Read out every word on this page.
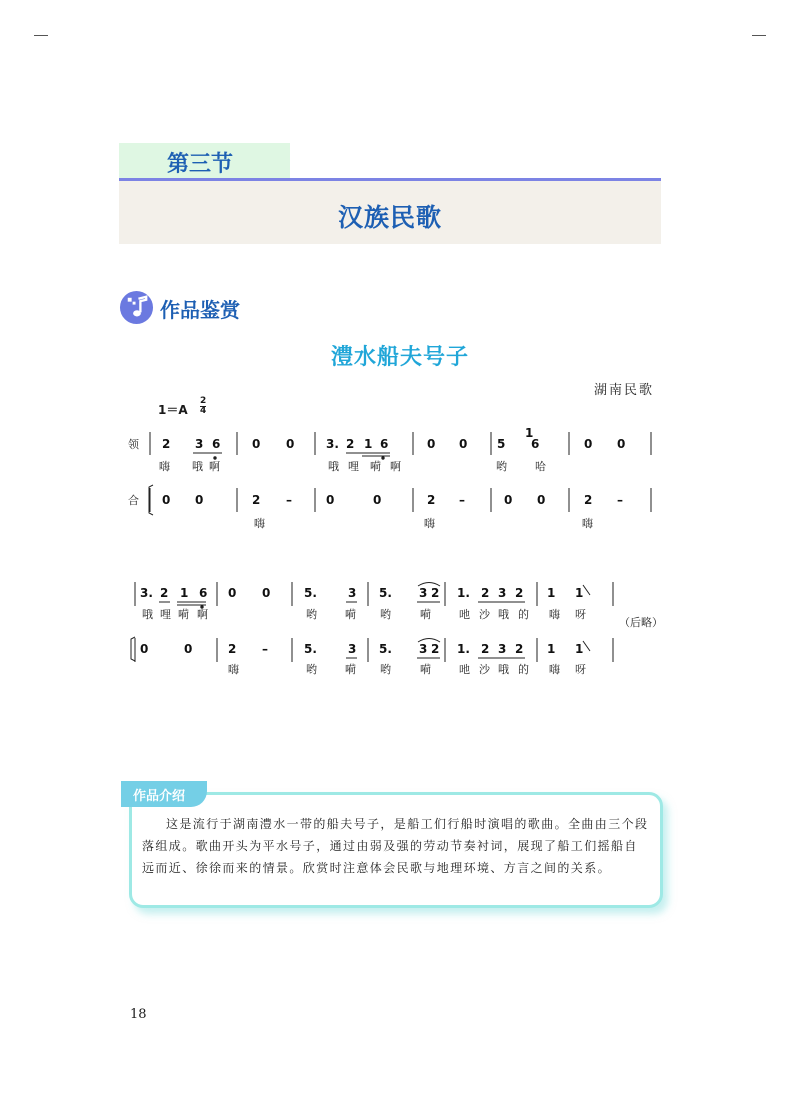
第三节
汉族民歌
作品鉴赏
澧水船夫号子
湖南民歌
1＝A
2
4
领
合
2 3 6	0 0	3. 2 1 6	0 0 5 6	0 0
1
嗨 哦 啊	哦 哩 嗬 啊	哟	哈
0 0	2 –	0	0	2 –	0 0	2 –
嗨	嗨	嗨
3. 2 1 6 0 0	5.	3 5. 3 2 1. 2 3 2 1 1
哦 哩 嗬 啊	哟	嗬 哟	嗬	吔 沙 哦 的 嗨 呀
（后略）
0	0	2 –	5.	3 5. 3 2 1. 2 3 2 1 1
嗨	哟	嗬 哟	嗬	吔 沙 哦 的 嗨 呀

这是流行于湖南澧水一带的船夫号子，是船工们行船时演唱的歌曲。全曲由三个段落组成。歌曲开头为平水号子，通过由弱及强的劳动节奏衬词，展现了船工们摇船自远而近、徐徐而来的情景。欣赏时注意体会民歌与地理环境、方言之间的关系。

作品介绍
18
